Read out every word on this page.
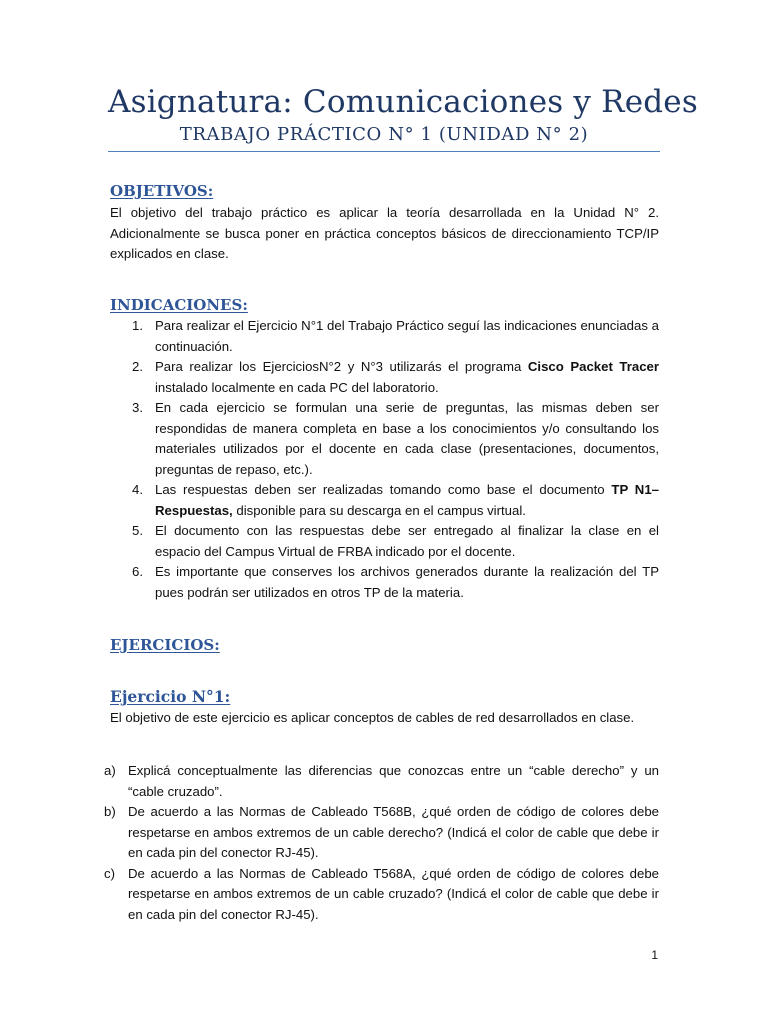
Asignatura: Comunicaciones y Redes
TRABAJO PRÁCTICO N° 1 (UNIDAD N° 2)
OBJETIVOS:
El objetivo del trabajo práctico es aplicar la teoría desarrollada en la Unidad N° 2. Adicionalmente se busca poner en práctica conceptos básicos de direccionamiento TCP/IP explicados en clase.
INDICACIONES:
1. Para realizar el Ejercicio N°1 del Trabajo Práctico seguí las indicaciones enunciadas a continuación.
2. Para realizar los EjerciciosN°2 y N°3 utilizarás el programa Cisco Packet Tracer instalado localmente en cada PC del laboratorio.
3. En cada ejercicio se formulan una serie de preguntas, las mismas deben ser respondidas de manera completa en base a los conocimientos y/o consultando los materiales utilizados por el docente en cada clase (presentaciones, documentos, preguntas de repaso, etc.).
4. Las respuestas deben ser realizadas tomando como base el documento TP N1– Respuestas, disponible para su descarga en el campus virtual.
5. El documento con las respuestas debe ser entregado al finalizar la clase en el espacio del Campus Virtual de FRBA indicado por el docente.
6. Es importante que conserves los archivos generados durante la realización del TP pues podrán ser utilizados en otros TP de la materia.
EJERCICIOS:
Ejercicio N°1:
El objetivo de este ejercicio es aplicar conceptos de cables de red desarrollados en clase.
a) Explicá conceptualmente las diferencias que conozcas entre un “cable derecho” y un “cable cruzado”.
b) De acuerdo a las Normas de Cableado T568B, ¿qué orden de código de colores debe respetarse en ambos extremos de un cable derecho? (Indicá el color de cable que debe ir en cada pin del conector RJ-45).
c) De acuerdo a las Normas de Cableado T568A, ¿qué orden de código de colores debe respetarse en ambos extremos de un cable cruzado? (Indicá el color de cable que debe ir en cada pin del conector RJ-45).
1
